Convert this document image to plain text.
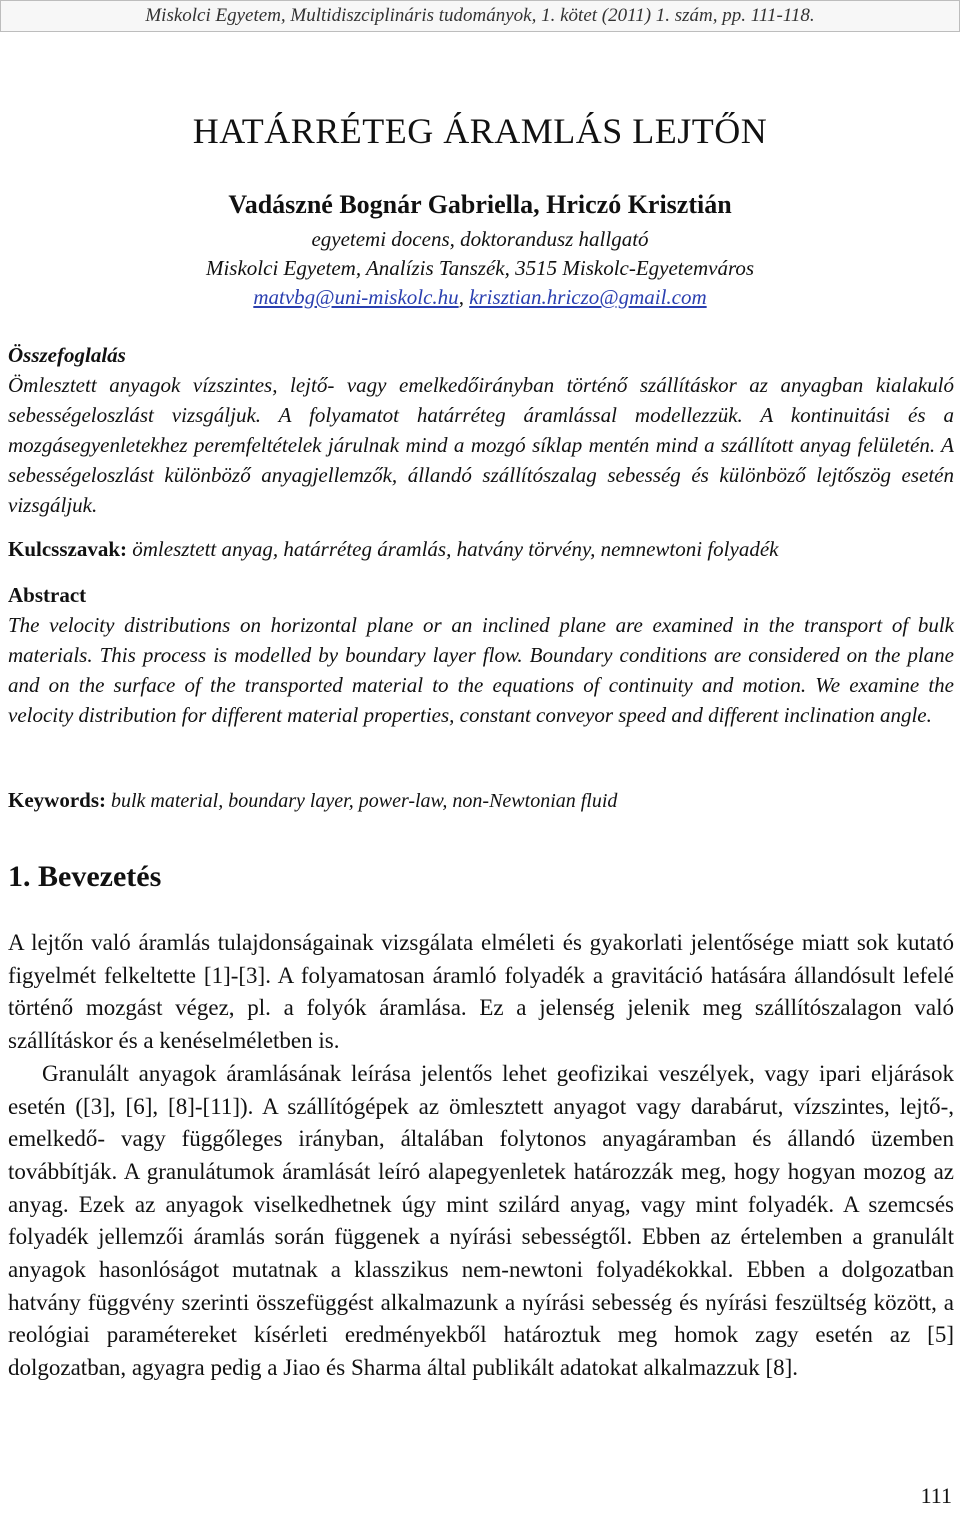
Miskolci Egyetem, Multidiszciplináris tudományok, 1. kötet (2011) 1. szám, pp. 111-118.
HATÁRRÉTEG ÁRAMLÁS LEJTŐN
Vadászné Bognár Gabriella, Hriczó Krisztián
egyetemi docens, doktorandusz hallgató
Miskolci Egyetem, Analízis Tanszék, 3515 Miskolc-Egyetemváros
matvbg@uni-miskolc.hu, krisztian.hriczo@gmail.com
Összefoglalás
Ömlesztett anyagok vízszintes, lejtő- vagy emelkedőirányban történő szállításkor az anyagban kialakuló sebességeloszlást vizsgáljuk. A folyamatot határréteg áramlással modellezzük. A kontinuitási és a mozgásegyenletekhez peremfeltételek járulnak mind a mozgó síklap mentén mind a szállított anyag felületén. A sebességeloszlást különböző anyagjellemzők, állandó szállítószalag sebesség és különböző lejtőszög esetén vizsgáljuk.
Kulcsszavak: ömlesztett anyag, határréteg áramlás, hatvány törvény, nemnewtoni folyadék
Abstract
The velocity distributions on horizontal plane or an inclined plane are examined in the transport of bulk materials. This process is modelled by boundary layer flow. Boundary conditions are considered on the plane and on the surface of the transported material to the equations of continuity and motion. We examine the velocity distribution for different material properties, constant conveyor speed and different inclination angle.
Keywords: bulk material, boundary layer, power-law, non-Newtonian fluid
1. Bevezetés

A lejtőn való áramlás tulajdonságainak vizsgálata elméleti és gyakorlati jelentősége miatt sok kutató figyelmét felkeltette [1]-[3]. A folyamatosan áramló folyadék a gravitáció hatására állandósult lefelé történő mozgást végez, pl. a folyók áramlása. Ez a jelenség jelenik meg szállítószalagon való szállításkor és a kenéselméletben is.

Granulált anyagok áramlásának leírása jelentős lehet geofizikai veszélyek, vagy ipari eljárások esetén ([3], [6], [8]-[11]). A szállítógépek az ömlesztett anyagot vagy darabárut, vízszintes, lejtő-, emelkedő- vagy függőleges irányban, általában folytonos anyagáramban és állandó üzemben továbbítják. A granulátumok áramlását leíró alapegyenletek határozzák meg, hogy hogyan mozog az anyag. Ezek az anyagok viselkedhetnek úgy mint szilárd anyag, vagy mint folyadék. A szemcsés folyadék jellemzői áramlás során függenek a nyírási sebességtől. Ebben az értelemben a granulált anyagok hasonlóságot mutatnak a klasszikus nem-newtoni folyadékokkal. Ebben a dolgozatban hatvány függvény szerinti összefüggést alkalmazunk a nyírási sebesség és nyírási feszültség között, a reológiai paramétereket kísérleti eredményekből határoztuk meg homok zagy esetén az [5] dolgozatban, agyagra pedig a Jiao és Sharma által publikált adatokat alkalmazzuk [8].

111
